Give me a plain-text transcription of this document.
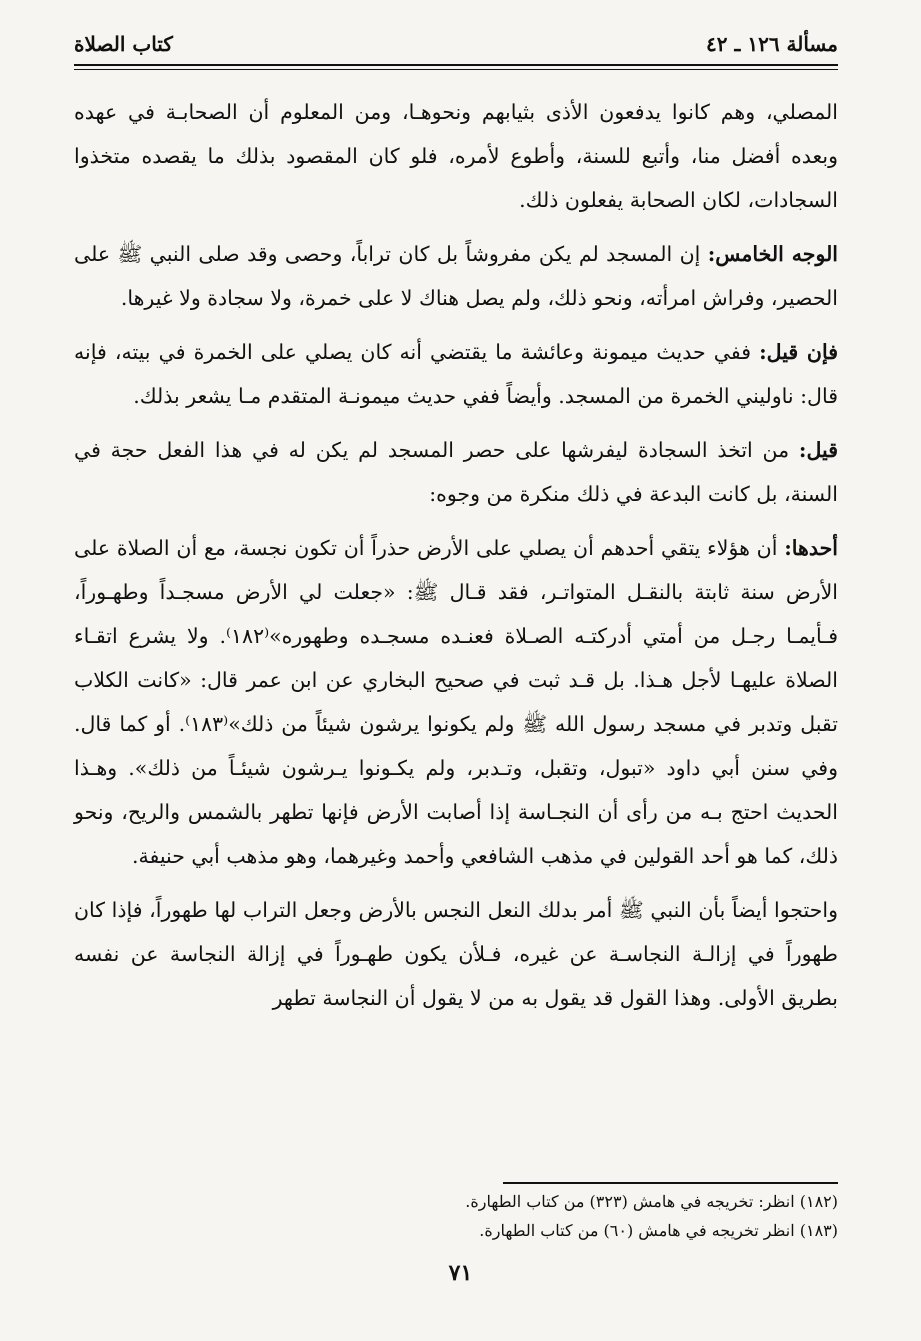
مسألة ١٢٦ ـ ٤٢
كتاب الصلاة

المصلي، وهم كانوا يدفعون الأذى بثيابهم ونحوهـا، ومن المعلوم أن الصحابـة في عهده وبعده أفضل منا، وأتبع للسنة، وأطوع لأمره، فلو كان المقصود بذلك ما يقصده متخذوا السجادات، لكان الصحابة يفعلون ذلك.

الوجه الخامس: إن المسجد لم يكن مفروشاً بل كان تراباً، وحصى وقد صلى النبي ﷺ على الحصير، وفراش امرأته، ونحو ذلك، ولم يصل هناك لا على خمرة، ولا سجادة ولا غيرها.

فإن قيل: ففي حديث ميمونة وعائشة ما يقتضي أنه كان يصلي على الخمرة في بيته، فإنه قال: ناوليني الخمرة من المسجد. وأيضاً ففي حديث ميمونـة المتقدم مـا يشعر بذلك.

قيل: من اتخذ السجادة ليفرشها على حصر المسجد لم يكن له في هذا الفعل حجة في السنة، بل كانت البدعة في ذلك منكرة من وجوه:

أحدها: أن هؤلاء يتقي أحدهم أن يصلي على الأرض حذراً أن تكون نجسة، مع أن الصلاة على الأرض سنة ثابتة بالنقـل المتواتـر، فقد قـال ﷺ: «جعلت لي الأرض مسجـداً وطهـوراً، فـأيمـا رجـل من أمتي أدركتـه الصـلاة فعنـده مسجـده وطهوره»⁽١٨٢⁾. ولا يشرع اتقـاء الصلاة عليهـا لأجل هـذا. بل قـد ثبت في صحيح البخاري عن ابن عمر قال: «كانت الكلاب تقبل وتدبر في مسجد رسول الله ﷺ ولم يكونوا يرشون شيئاً من ذلك»⁽١٨٣⁾. أو كما قال. وفي سنن أبي داود «تبول، وتقبل، وتـدبر، ولم يكـونوا يـرشون شيئـاً من ذلك». وهـذا الحديث احتج بـه من رأى أن النجـاسة إذا أصابت الأرض فإنها تطهر بالشمس والريح، ونحو ذلك، كما هو أحد القولين في مذهب الشافعي وأحمد وغيرهما، وهو مذهب أبي حنيفة.

واحتجوا أيضاً بأن النبي ﷺ أمر بدلك النعل النجس بالأرض وجعل التراب لها طهوراً، فإذا كان طهوراً في إزالـة النجاسـة عن غيره، فـلأن يكون طهـوراً في إزالة النجاسة عن نفسه بطريق الأولى. وهذا القول قد يقول به من لا يقول أن النجاسة تطهر

(١٨٢) انظر: تخريجه في هامش (٣٢٣) من كتاب الطهارة.

(١٨٣) انظر تخريجه في هامش (٦٠) من كتاب الطهارة.

٧١
